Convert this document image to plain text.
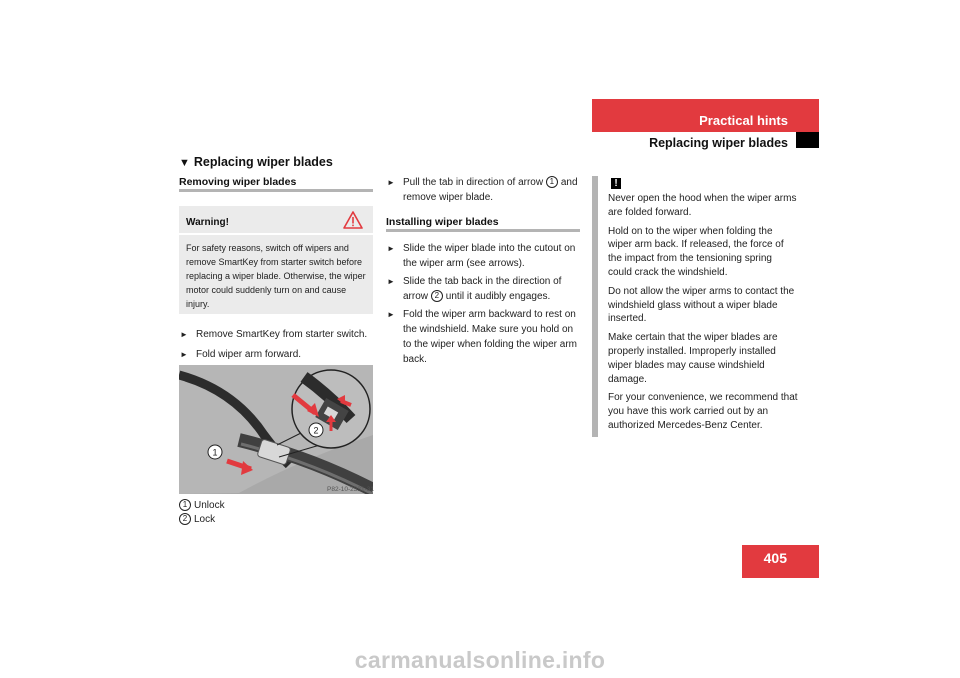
Practical hints
Replacing wiper blades
▼ Replacing wiper blades
Removing wiper blades
Warning!
For safety reasons, switch off wipers and remove SmartKey from starter switch before replacing a wiper blade. Otherwise, the wiper motor could suddenly turn on and cause injury.
► Remove SmartKey from starter switch.
► Fold wiper arm forward.
1
2
P82-10-2331-31
1 Unlock
2 Lock
► Pull the tab in direction of arrow 1 and remove wiper blade.
Installing wiper blades
► Slide the wiper blade into the cutout on the wiper arm (see arrows).
► Slide the tab back in the direction of arrow 2 until it audibly engages.
► Fold the wiper arm backward to rest on the windshield. Make sure you hold on to the wiper when folding the wiper arm back.
!

Never open the hood when the wiper arms are folded forward.

Hold on to the wiper when folding the wiper arm back. If released, the force of the impact from the tensioning spring could crack the windshield.

Do not allow the wiper arms to contact the windshield glass without a wiper blade inserted.

Make certain that the wiper blades are properly installed. Improperly installed wiper blades may cause windshield damage.

For your convenience, we recommend that you have this work carried out by an authorized Mercedes-Benz Center.

405
carmanualsonline.info
